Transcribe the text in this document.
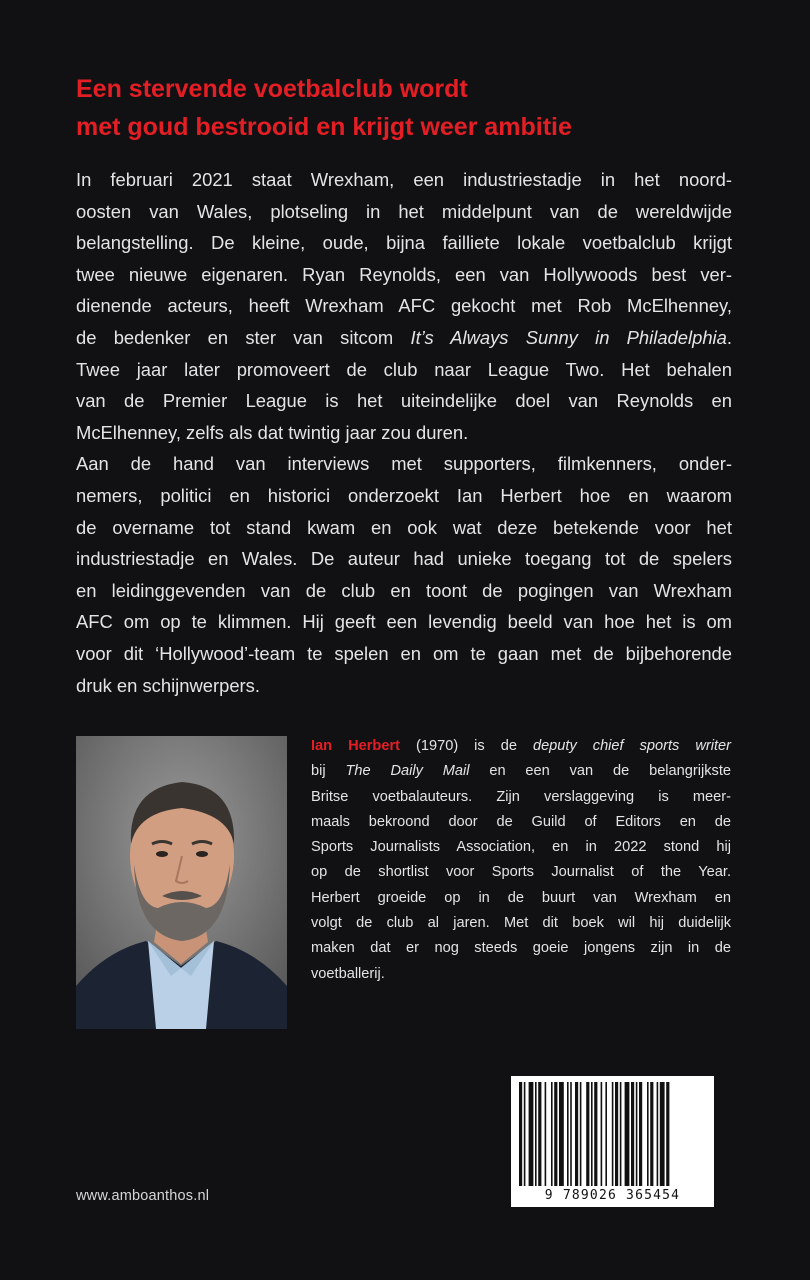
Een stervende voetbalclub wordt
met goud bestrooid en krijgt weer ambitie

In februari 2021 staat Wrexham, een industriestadje in het noord-
oosten van Wales, plotseling in het middelpunt van de wereldwijde
belangstelling. De kleine, oude, bijna failliete lokale voetbalclub krijgt
twee nieuwe eigenaren. Ryan Reynolds, een van Hollywoods best ver-
dienende acteurs, heeft Wrexham AFC gekocht met Rob McElhenney,
de bedenker en ster van sitcom It’s Always Sunny in Philadelphia.
Twee jaar later promoveert de club naar League Two. Het behalen
van de Premier League is het uiteindelijke doel van Reynolds en
McElhenney, zelfs als dat twintig jaar zou duren.

Aan de hand van interviews met supporters, filmkenners, onder-
nemers, politici en historici onderzoekt Ian Herbert hoe en waarom
de overname tot stand kwam en ook wat deze betekende voor het
industriestadje en Wales. De auteur had unieke toegang tot de spelers
en leidinggevenden van de club en toont de pogingen van Wrexham
AFC om op te klimmen. Hij geeft een levendig beeld van hoe het is om
voor dit ‘Hollywood’-team te spelen en om te gaan met de bijbehorende
druk en schijnwerpers.

Ian Herbert (1970) is de deputy chief sports writer
bij The Daily Mail en een van de belangrijkste
Britse voetbalauteurs. Zijn verslaggeving is meer-
maals bekroond door de Guild of Editors en de
Sports Journalists Association, en in 2022 stond hij
op de shortlist voor Sports Journalist of the Year.
Herbert groeide op in de buurt van Wrexham en
volgt de club al jaren. Met dit boek wil hij duidelijk
maken dat er nog steeds goeie jongens zijn in de
voetballerij.
9 789026 365454
www.amboanthos.nl
